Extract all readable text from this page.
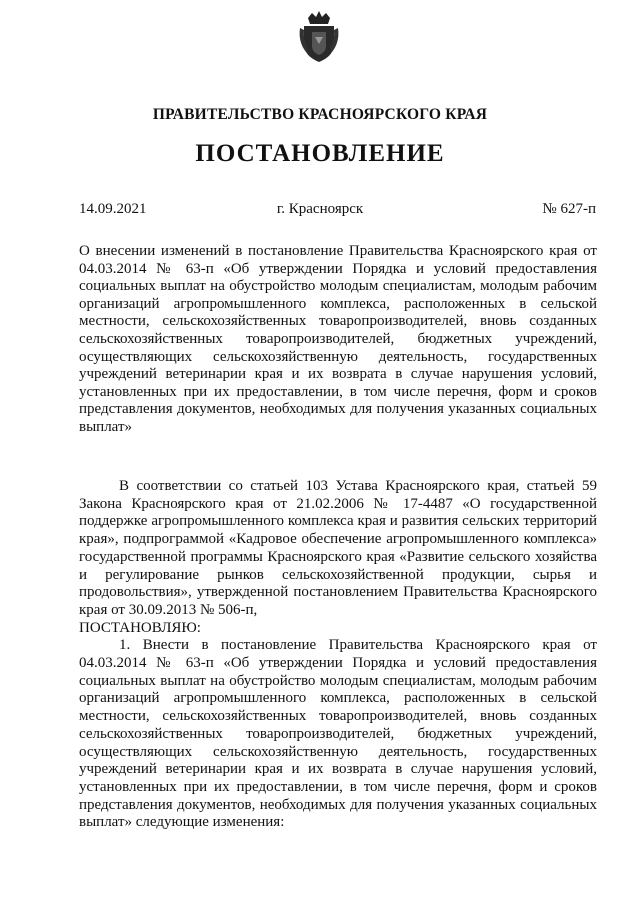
ПРАВИТЕЛЬСТВО КРАСНОЯРСКОГО КРАЯ
ПОСТАНОВЛЕНИЕ
14.09.2021	г. Красноярск	№ 627-п
О внесении изменений в постановление Правительства Красноярского края от 04.03.2014 № 63-п «Об утверждении Порядка и условий предоставления социальных выплат на обустройство молодым специалистам, молодым рабочим организаций агропромышленного комплекса, расположенных в сельской местности, сельскохозяйственных товаропроизводителей, вновь созданных сельскохозяйственных товаропроизводителей, бюджетных учреждений, осуществляющих сельскохозяйственную деятельность, государственных учреждений ветеринарии края и их возврата в случае нарушения условий, установленных при их предоставлении, в том числе перечня, форм и сроков представления документов, необходимых для получения указанных социальных выплат»

В соответствии со статьей 103 Устава Красноярского края, статьей 59 Закона Красноярского края от 21.02.2006 № 17-4487 «О государственной поддержке агропромышленного комплекса края и развития сельских территорий края», подпрограммой «Кадровое обеспечение агропромышленного комплекса» государственной программы Красноярского края «Развитие сельского хозяйства и регулирование рынков сельскохозяйственной продукции, сырья и продовольствия», утвержденной постановлением Правительства Красноярского края от 30.09.2013 № 506-п,
ПОСТАНОВЛЯЮ:

1. Внести в постановление Правительства Красноярского края от 04.03.2014 № 63-п «Об утверждении Порядка и условий предоставления социальных выплат на обустройство молодым специалистам, молодым рабочим организаций агропромышленного комплекса, расположенных в сельской местности, сельскохозяйственных товаропроизводителей, вновь созданных сельскохозяйственных товаропроизводителей, бюджетных учреждений, осуществляющих сельскохозяйственную деятельность, государственных учреждений ветеринарии края и их возврата в случае нарушения условий, установленных при их предоставлении, в том числе перечня, форм и сроков представления документов, необходимых для получения указанных социальных выплат» следующие изменения:
